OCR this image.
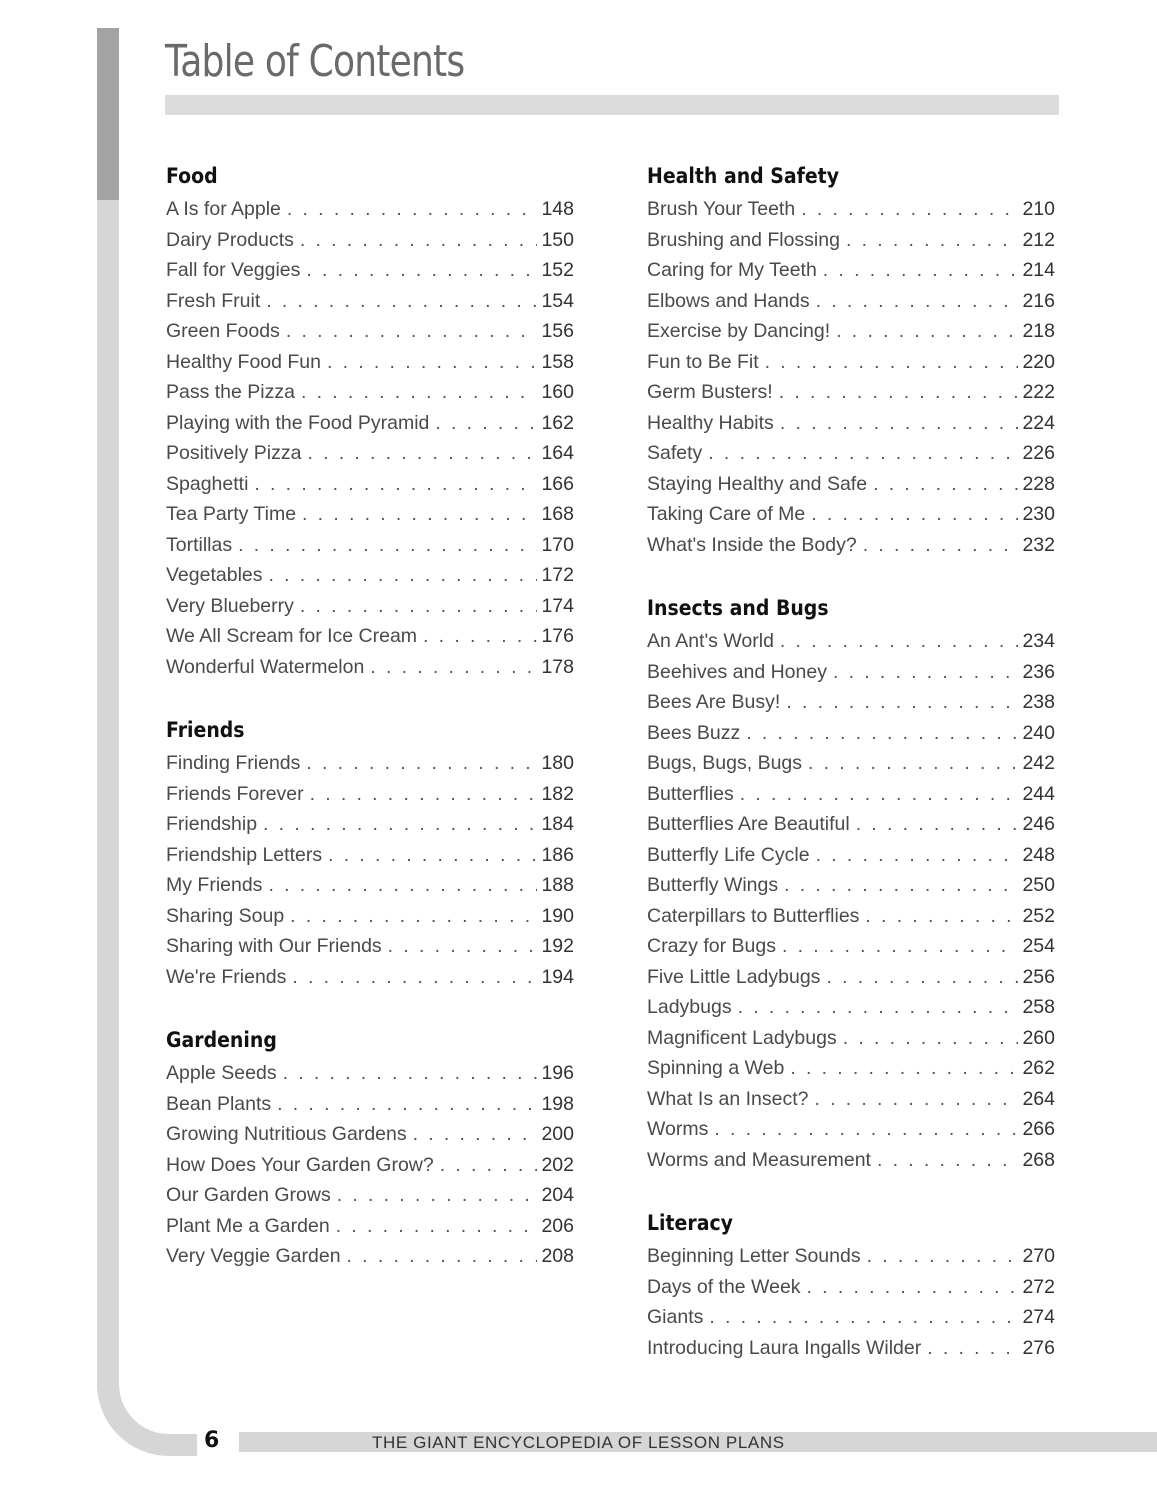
Table of Contents
Food
A Is for Apple . . .	148
Dairy Products . . .	150
Fall for Veggies . . .	152
Fresh Fruit . . .	154
Green Foods . . .	156
Healthy Food Fun . . .	158
Pass the Pizza . . .	160
Playing with the Food Pyramid . . .	162
Positively Pizza . . .	164
Spaghetti . . .	166
Tea Party Time . . .	168
Tortillas . . .	170
Vegetables . . .	172
Very Blueberry . . .	174
We All Scream for Ice Cream . . .	176
Wonderful Watermelon . . .	178
Friends
Finding Friends . . .	180
Friends Forever . . .	182
Friendship . . .	184
Friendship Letters . . .	186
My Friends . . .	188
Sharing Soup . . .	190
Sharing with Our Friends . . .	192
We're Friends . . .	194
Gardening
Apple Seeds . . .	196
Bean Plants . . .	198
Growing Nutritious Gardens . . .	200
How Does Your Garden Grow? . . .	202
Our Garden Grows . . .	204
Plant Me a Garden . . .	206
Very Veggie Garden . . .	208
Health and Safety
Brush Your Teeth . . .	210
Brushing and Flossing . . .	212
Caring for My Teeth . . .	214
Elbows and Hands . . .	216
Exercise by Dancing! . . .	218
Fun to Be Fit . . .	220
Germ Busters! . . .	222
Healthy Habits . . .	224
Safety . . .	226
Staying Healthy and Safe . . .	228
Taking Care of Me . . .	230
What's Inside the Body? . . .	232
Insects and Bugs
An Ant's World . . .	234
Beehives and Honey . . .	236
Bees Are Busy! . . .	238
Bees Buzz . . .	240
Bugs, Bugs, Bugs . . .	242
Butterflies . . .	244
Butterflies Are Beautiful . . .	246
Butterfly Life Cycle . . .	248
Butterfly Wings . . .	250
Caterpillars to Butterflies . . .	252
Crazy for Bugs . . .	254
Five Little Ladybugs . . .	256
Ladybugs . . .	258
Magnificent Ladybugs . . .	260
Spinning a Web . . .	262
What Is an Insect? . . .	264
Worms . . .	266
Worms and Measurement . . .	268
Literacy
Beginning Letter Sounds . . .	270
Days of the Week . . .	272
Giants . . .	274
Introducing Laura Ingalls Wilder . . .	276
6	THE GIANT ENCYCLOPEDIA OF LESSON PLANS
